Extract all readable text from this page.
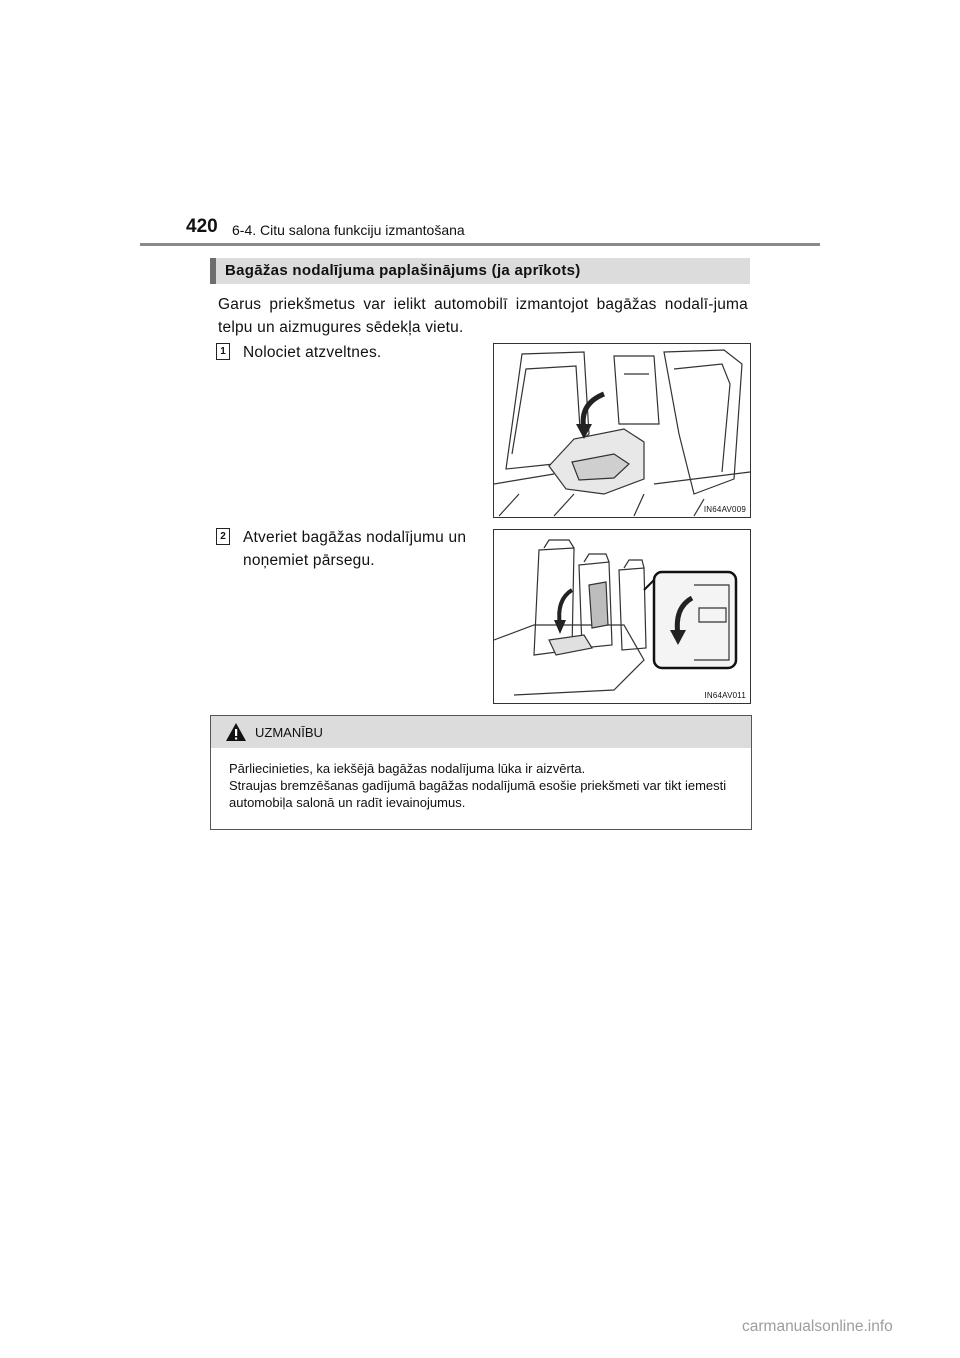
420 6-4. Citu salona funkciju izmantošana
Bagāžas nodalījuma paplašinājums (ja aprīkots)
Garus priekšmetus var ielikt automobilī izmantojot bagāžas nodalī-juma telpu un aizmugures sēdekļa vietu.
1 Nolociet atzveltnes.
IN64AV009
2 Atveriet bagāžas nodalījumu un noņemiet pārsegu.
IN64AV011
UZMANĪBU

Pārliecinieties, ka iekšējā bagāžas nodalījuma lūka ir aizvērta.

Straujas bremzēšanas gadījumā bagāžas nodalījumā esošie priekšmeti var tikt iemesti automobiļa salonā un radīt ievainojumus.

carmanualsonline.info
